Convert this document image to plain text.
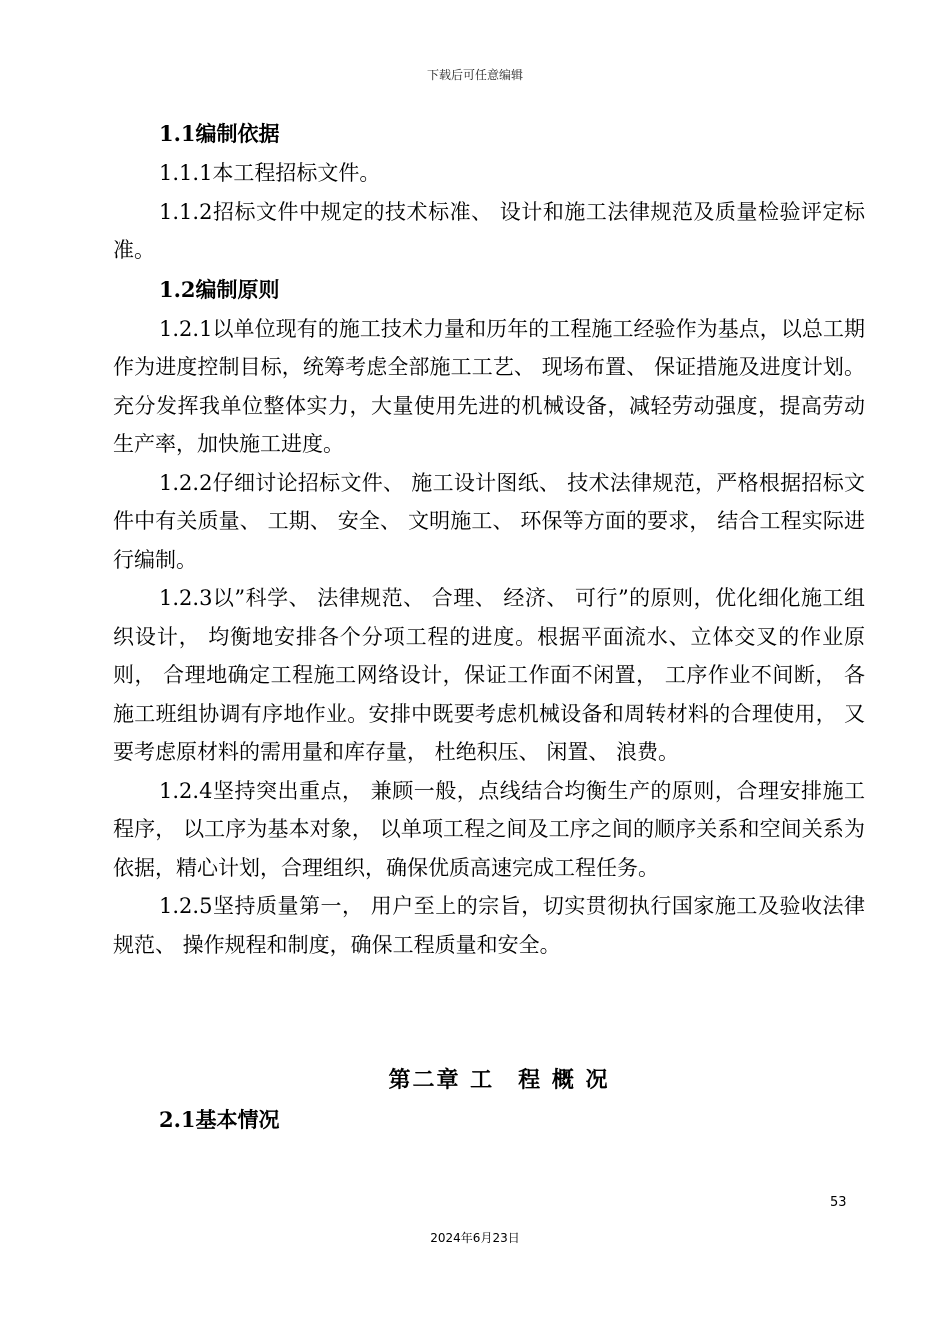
下载后可任意编辑

1.1编制依据

1.1.1本工程招标文件。

1.1.2招标文件中规定的技术标准、 设计和施工法律规范及质量检验评定标准。

1.2编制原则

1.2.1以单位现有的施工技术力量和历年的工程施工经验作为基点，以总工期作为进度控制目标，统筹考虑全部施工工艺、 现场布置、 保证措施及进度计划。充分发挥我单位整体实力，大量使用先进的机械设备，减轻劳动强度，提高劳动生产率，加快施工进度。

1.2.2仔细讨论招标文件、 施工设计图纸、 技术法律规范，严格根据招标文件中有关质量、 工期、 安全、 文明施工、 环保等方面的要求， 结合工程实际进行编制。

1.2.3以”科学、 法律规范、 合理、 经济、 可行”的原则，优化细化施工组织设计， 均衡地安排各个分项工程的进度。根据平面流水、立体交叉的作业原则， 合理地确定工程施工网络设计，保证工作面不闲置， 工序作业不间断， 各施工班组协调有序地作业。安排中既要考虑机械设备和周转材料的合理使用， 又要考虑原材料的需用量和库存量， 杜绝积压、 闲置、 浪费。

1.2.4坚持突出重点， 兼顾一般，点线结合均衡生产的原则，合理安排施工程序， 以工序为基本对象， 以单项工程之间及工序之间的顺序关系和空间关系为依据，精心计划，合理组织，确保优质高速完成工程任务。

1.2.5坚持质量第一， 用户至上的宗旨，切实贯彻执行国家施工及验收法律规范、 操作规程和制度，确保工程质量和安全。

第二章 工　程 概 况

2.1基本情况

53
2024年6月23日
